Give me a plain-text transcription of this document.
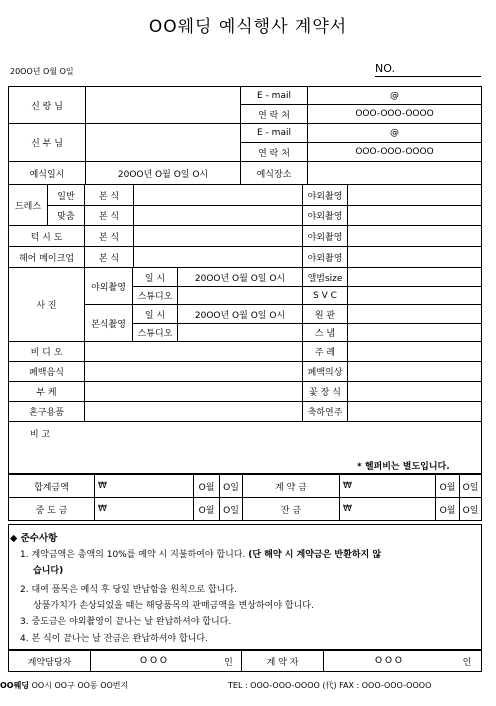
OO웨딩 예식행사 계약서
20OO년 O월 O일	NO.
신 랑 님
E - mail	@
연 락 처	OOO-OOO-OOOO
신 부 님
E - mail	@
연 락 처	OOO-OOO-OOOO
예식일시	20OO년 O월 O일 O시	예식장소
드레스
일반	본 식	야외촬영
맞춤	본 식	야외촬영
턱 시 도	본 식	야외촬영
헤어 메이크업	본 식	야외촬영
사 진
야외촬영
일 시	20OO년 O월 O일 O시	앨범size
스튜디오	S V C
본식촬영
일 시	20OO년 O월 O일 O시	원 판
스튜디오	스 냅
비 디 오	주 례
폐백음식	폐백의상
부 케	꽃 장 식
혼구용품	축하연주
비 고
* 헬퍼비는 별도입니다.
합계금액	₩	O월 O일	계 약 금	₩	O월 O일
중 도 금	₩	O월 O일	잔 금	₩	O월 O일
◆ 준수사항
1. 계약금액은 총액의 10%를 예약 시 지불하여야 합니다. (단 해약 시 계약금은 반환하지 않
습니다)
2. 대여 품목은 예식 후 당일 반납함을 원칙으로 합니다.
상품가치가 손상되었을 때는 해당품목의 판매금액을 변상하여야 합니다.
3. 중도금은 야외촬영이 끝나는 날 완납하셔야 합니다.
4. 본 식이 끝나는 날 잔금은 완납하셔야 합니다.
계약담당자	O O O	인	계 약 자	O O O	인
OO웨딩 OO시 OO구 OO동 OO번지	TEL : OOO-OOO-OOOO (代) FAX : OOO-OOO-OOOO
